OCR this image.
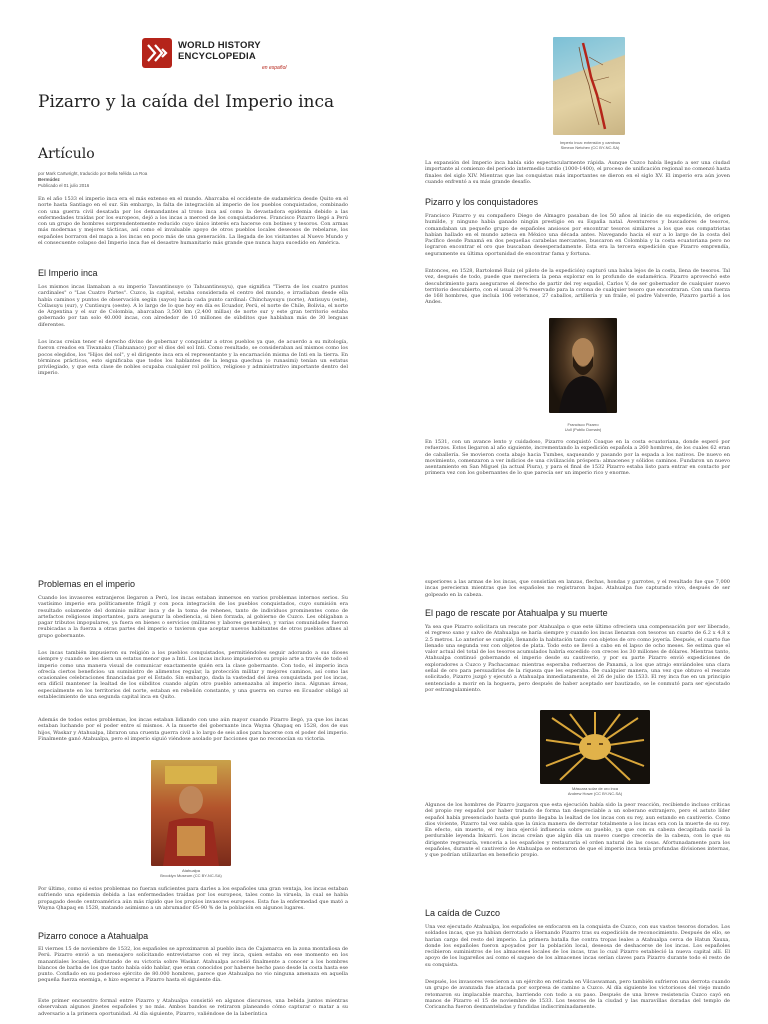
WORLD HISTORY
ENCYCLOPEDIA
en español
Pizarro y la caída del Imperio inca
Artículo
por Mark Cartwright, traducido por Bella Nélida La Roa
Bermúdez
Publicado el 01 julio 2016
En el año 1533 el imperio inca era el más extenso en el mundo. Abarcaba el occidente de sudamérica desde Quito en el norte hasta Santiago en el sur. Sin embargo, la falta de integración al imperio de los pueblos conquistados, combinado con una guerra civil desatada por los demandantes al trono inca así como la devastadora epidemia debido a las enfermedades traídas por los europeos, dejó a los incas a merced de los conquistadores. Francisco Pizarro llegó a Perú con un grupo de hombres sorprendentemente reducido cuyo único interés era hacerse con botines y tesoros. Con armas más modernas y mejores tácticas, así como el invaluable apoyo de otros pueblos locales deseosos de rebelarse, los españoles borraron del mapa a los incas en poco más de una generación. La llegada de los visitantes al Nuevo Mundo y el consecuente colapso del Imperio inca fue el desastre humanitario más grande que nunca haya sucedido en América.
El Imperio inca
Los mismos incas llamaban a su imperio Tawantinsuyo (o Tahuantinsuyu), que significa "Tierra de los cuatro puntos cardinales" o "Las Cuatro Partes". Cuzco, la capital, estaba considerada el centro del mundo, e irradiaban desde ella había caminos y puntos de observación según (sayos) hacia cada punto cardinal: Chinchaysuyu (norte), Antisuyu (este), Collasuyu (sur), y Cuntisuyu (oeste). A lo largo de lo que hoy en día es Ecuador, Perú, el norte de Chile, Bolivia, el norte de Argentina y el sur de Colombia, abarcaban 3,500 km (2,400 millas) de norte sur y este gran territorio estaba gobernado por tan solo 40.000 incas, con alrededor de 10 millones de súbditos que hablaban más de 30 lenguas diferentes.
Los incas creían tener el derecho divino de gobernar y conquistar a otros pueblos ya que, de acuerdo a su mitología, fueron creados en Tiwanaku (Tiahuanaco) por el dios del sol Inti. Como resultado, se consideraban así mismos como los pocos elegidos, los "Hijos del sol", y el dirigente inca era el representante y la encarnación misma de Inti en la tierra. En términos prácticos, esto significaba que todos los hablantes de la lengua quechua (o runasimi) tenían un estatus privilegiado, y que esta clase de nobles ocupaba cualquier rol político, religioso y administrativo importante dentro del imperio.
Imperio inca: extensión y caminos
Simeon Netchev (CC BY-NC-SA)
La expansión del Imperio inca había sido espectacularmente rápida. Aunque Cuzco había llegado a ser una ciudad importante al comienzo del periodo intermedio tardío (1000-1400), el proceso de unificación regional no comenzó hasta finales del siglo XIV. Mientras que las conquistas más importantes se dieron en el siglo XV. El imperio era aún joven cuando enfrentó a su más grande desafío.
Pizarro y los conquistadores
Francisco Pizarro y su compañero Diego de Almagro pasaban de los 50 años al inicio de su expedición, de origen humilde, y ninguno había ganado ningún prestigio en su España natal. Aventureros y buscadores de tesoros, comandaban un pequeño grupo de españoles ansiosos por encontrar tesoros similares a los que sus compatriotas habían hallado en el mundo azteca en México una década antes. Navegando hacia el sur a lo largo de la costa del Pacífico desde Panamá en dos pequeñas carabelas mercantes, buscaron en Colombia y la costa ecuatoriana pero no lograron encontrar el oro que buscaban desesperadamente. Esta era la tercera expedición que Pizarro emprendía, seguramente su última oportunidad de encontrar fama y fortuna.
Entonces, en 1528, Bartolomé Ruiz (el piloto de la expedición) capturó una balsa lejos de la costa, llena de tesoros. Tal vez, después de todo, puede que mereciera la pena explorar en lo profundo de sudamérica. Pizarro aprovechó este descubrimiento para asegurarse el derecho de partir del rey español, Carlos V, de ser gobernador de cualquier nuevo territorio descubierto, con el usual 20 % reservado para la corona de cualquier tesoro que encontraran. Con una fuerza de 168 hombres, que incluía 106 veteranos, 27 caballos, artillería y un fraile, el padre Valverde, Pizarro partió a los Andes.
Francisco Pizarro
Uull (Public Domain)
En 1531, con un avance lento y cuidadoso, Pizarro conquistó Coaque en la costa ecuatoriana, donde esperó por refuerzos. Estos llegaron al año siguiente, incrementando la expedición española a 260 hombres, de los cuales 62 eran de caballería. Se movieron costa abajo hacia Tumbes, saqueando y pasando por la espada a los nativos. De nuevo en movimiento, comenzaron a ver indicios de una civilización próspera: almacenes y sólidos caminos. Fundaron un nuevo asentamiento en San Miguel (la actual Piura), y para el final de 1532 Pizarro estaba listo para entrar en contacto por primera vez con los gobernantes de lo que parecía ser un imperio rico y enorme.
Problemas en el imperio
Cuando los invasores extranjeros llegaron a Perú, los incas estaban inmersos en varios problemas internos serios. Su vastísimo imperio era políticamente frágil y con poca integración de los pueblos conquistados, cuyo sumisión era resultado solamente del dominio militar inca y de la toma de rehenes, tanto de individuos prominentes como de artefactos religiosos importantes, para asegurar la obediencia, si bien forzada, al gobierno de Cuzco. Les obligaban a pagar tributos impopulares, ya fuera en bienes o servicios (militares y labores generales), y varias comunidades fueron reubicadas a la fuerza a otras partes del imperio o tuvieron que aceptar nuevos habitantes de otros pueblos afines al grupo gobernante.
Los incas también impusieron su religión a los pueblos conquistados, permitiéndoles seguir adorando a sus dioses siempre y cuando se les diera un estatus menor que a Inti. Los incas incluso impusieron su propio arte a través de todo el imperio como una manera visual de comunicar exactamente quién era la clase gobernante. Con todo, el imperio inca ofrecía ciertos beneficios: un suministro de alimentos regular, la protección militar y mejores caminos, así como las ocasionales celebraciones financiadas por el Estado. Sin embargo, dada la vastedad del área conquistada por los incas, era difícil mantener la lealtad de los súbditos cuando algún otro pueblo amenazaba al imperio inca. Algunas áreas, especialmente en los territorios del norte, estaban en rebelión constante, y una guerra en curso en Ecuador obligó al establecimiento de una segunda capital inca en Quito.
Además de todos estos problemas, los incas estaban lidiando con uno aún mayor cuando Pizarro llegó, ya que los incas estaban luchando por el poder entre sí mismos. A la muerte del gobernante inca Wayna Qhapaq en 1528, dos de sus hijos, Waskar y Atahualpa, libraron una cruenta guerra civil a lo largo de seis años para hacerse con el poder del imperio. Finalmente ganó Atahualpa, pero el imperio siguió viéndose asolado por facciones que no reconocían su victoria.
Atahualpa
Brooklyn Museum (CC BY-NC-SA)
Por último, como si estos problemas no fueran suficientes para darles a los españoles una gran ventaja, los incas estaban sufriendo una epidemia debida a las enfermedades traídas por los europeos, tales como la viruela, la cual se había propagado desde centroamérica aún más rápido que los propios invasores europeos. Esta fue la enfermedad que mató a Wayna Qhapaq en 1528, matando asimismo a un abrumador 65-90 % de la población en algunos lugares.
Pizarro conoce a Atahualpa
El viernes 15 de noviembre de 1532, los españoles se aproximaron al pueblo inca de Cajamarca en la zona montañosa de Perú. Pizarro envió a un mensajero solicitando entrevistarse con el rey inca, quien estaba en ese momento en los manantiales locales, disfrutando de su victoria sobre Waskar. Atahualpa accedió finalmente a conocer a los hombres blancos de barba de los que tanto había oído hablar, que eran conocidos por haberse hecho paso desde la costa hasta ese punto. Confiado en su poderoso ejército de 80.000 hombres, parece que Atahualpa no vio ninguna amenaza en aquella pequeña fuerza enemiga, e hizo esperar a Pizarro hasta el siguiente día.
Este primer encuentro formal entre Pizarro y Atahualpa consistió en algunos discursos, una bebida juntos mientras observaban algunos jinetes españoles y no más. Ambos bandos se retiraron planeando cómo capturar o matar a su adversario a la primera oportunidad. Al día siguiente, Pizarro, valiéndose de la laberíntica
superiores a las armas de los incas, que consistían en lanzas, flechas, hondas y garrotes, y el resultado fue que 7,000 incas perecieran mientras que los españoles no registraron bajas. Atahualpa fue capturado vivo, después de ser golpeado en la cabeza.
El pago de rescate por Atahualpa y su muerte
Ya sea que Pizarro solicitara un rescate por Atahualpa o que este último ofreciera una compensación por ser liberado, el regreso sano y salvo de Atahualpa se haría siempre y cuando los incas llenaran con tesoros un cuarto de 6.2 x 4.8 x 2.5 metros. Lo anterior se cumplió, llenando la habitación tanto con objetos de oro como joyería. Después, el cuarto fue llenado una segunda vez con objetos de plata. Todo esto se llevó a cabo en el lapso de ocho meses. Se estima que el valor actual del total de los tesoros acumulados habría excedido con creces los 30 millones de dólares. Mientras tanto, Atahualpa continuó gobernando el imperio desde su cautiverio, y por su parte Pizarro envió expediciones de exploradores a Cuzco y Pachacamac mientras esperaba refuerzos de Panamá, a los que atrajo enviándoles una clara señal de oro para persuadirlos de la riqueza que les esperaba. De cualquier manera, una vez que obtuvo el rescate solicitado, Pizarro juzgó y ejecutó a Atahualpa inmediatamente, el 26 de julio de 1533. El rey inca fue en un principio sentenciado a morir en la hoguera, pero después de haber aceptado ser bautizado, se le conmutó para ser ejecutado por estrangulamiento.
Máscara solar de oro inca
Andrew Howe (CC BY-NC-SA)
Algunos de los hombres de Pizarro juzgaron que esta ejecución había sido la peor reacción, recibiendo incluso críticas del propio rey español por haber tratado de forma tan despreciable a un soberano extranjero, pero el astuto líder español había presenciado hasta qué punto llegaba la lealtad de los incas con su rey, aun estando en cautiverio. Como dios viviente, Pizarro tal vez sabía que la única manera de derrotar totalmente a los incas era con la muerte de su rey. En efecto, sin muerto, el rey inca ejerció influencia sobre su pueblo, ya que con su cabeza decapitada nació la perdurable leyenda Inkarri. Los incas creían que algún día un nuevo cuerpo crecería de la cabeza, con lo que su dirigente regresaría, vencería a los españoles y restauraría el orden natural de las cosas. Afortunadamente para los españoles, durante el cautiverio de Atahualpa se enteraron de que el imperio inca tenía profundas divisiones internas, y que podrían utilizarlas en beneficio propio.
La caída de Cuzco
Una vez ejecutado Atahualpa, los españoles se enfocaron en la conquista de Cuzco, con sus vastos tesoros dorados. Los soldados incas, que ya habían derrotado a Hernando Pizarro tras su expedición de reconocimiento. Después de ello, se harían cargo del resto del imperio. La primera batalla fue contra tropas leales a Atahualpa cerca de Hatun Xauxa, donde los españoles fueron apoyados por la población local, deseosa de deshacerse de los incas. Los españoles recibieron suministros de los almacenes locales de los incas, tras lo cual Pizarro estableció la nueva capital allí. El apoyo de los lugareños así como el saqueo de los almacenes incas serían claves para Pizarro durante todo el resto de su conquista.
Después, los invasores vencieron a un ejército en retirada en Vilcaswaman, pero también sufrieron una derrota cuando un grupo de avanzada fue atacada por sorpresa de camino a Cuzco. Al día siguiente los victoriosos del viejo mundo retomaron su implacable marcha, barriendo con todo a su paso. Después de una breve resistencia Cuzco cayó en manos de Pizarro el 15 de noviembre de 1533. Los tesoros de la ciudad y las maravillas doradas del templo de Coricancha fueron desmanteladas y fundidas indiscriminadamente.
